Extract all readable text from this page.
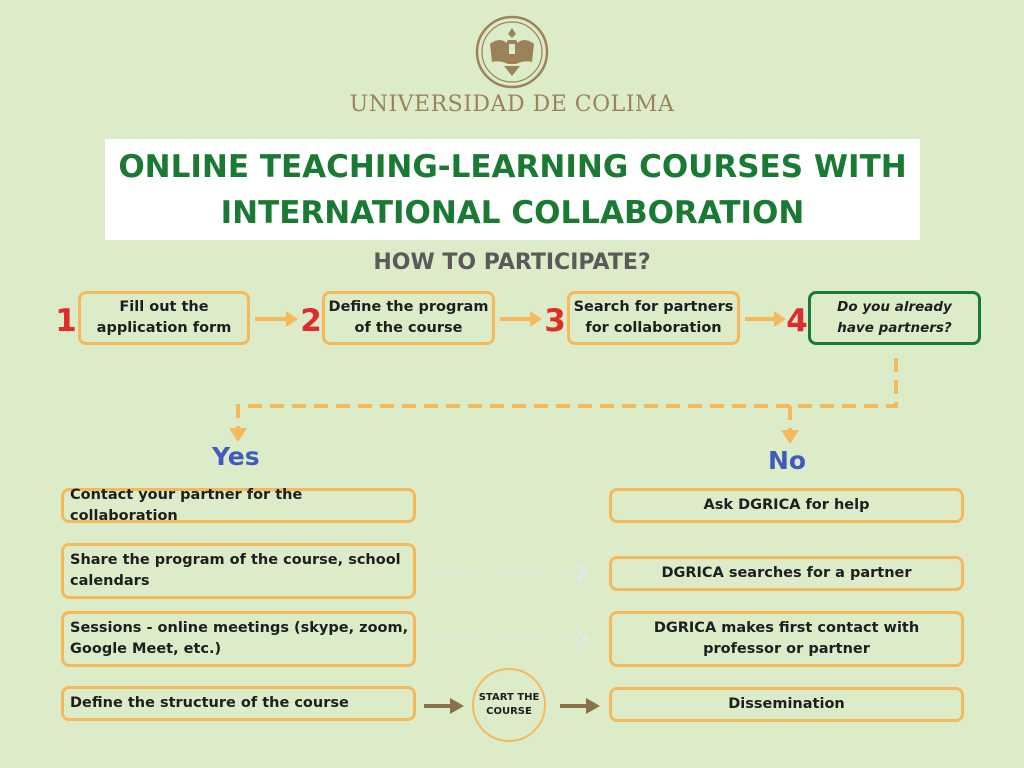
UNIVERSIDAD DE COLIMA
ONLINE TEACHING-LEARNING COURSES WITH
INTERNATIONAL COLLABORATION
HOW TO PARTICIPATE?
1	Fill out the
application form 2 Define the program
of the course	3 Search for partners
for collaboration	4	Do you already
have partners?
Yes	No
Contact your partner for the collaboration
Share the program of the course, school
calendars
Sessions - online meetings (skype, zoom,
Google Meet, etc.)
Define the structure of the course
Ask DGRICA for help
DGRICA searches for a partner
DGRICA makes first contact with
professor or partner
Dissemination
START THE
COURSE
